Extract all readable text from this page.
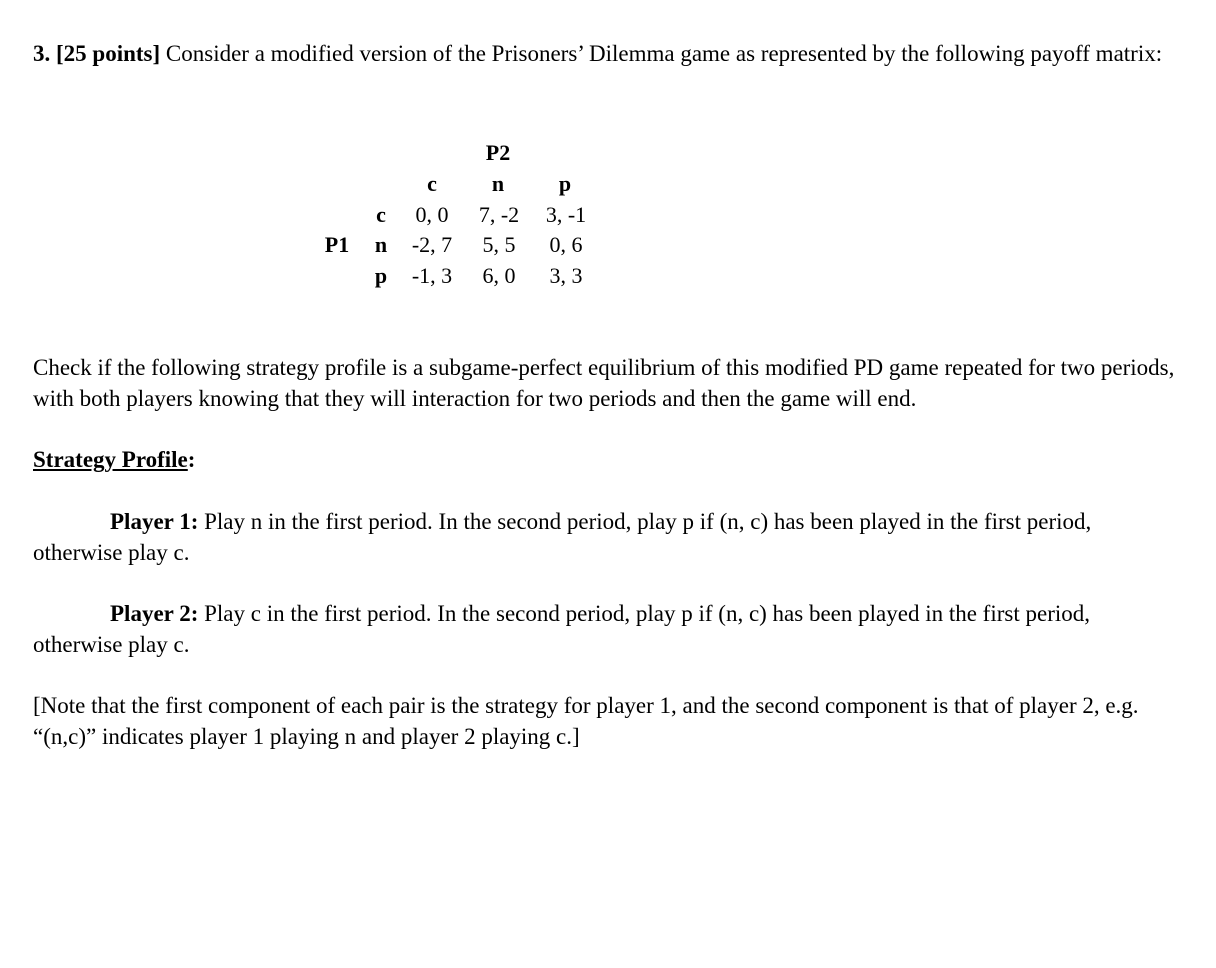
3. [25 points] Consider a modified version of the Prisoners’ Dilemma game as represented by the following payoff matrix:

P2
c n p
P1
c
n
p
0, 0 7, -2 3, -1
-2, 7 5, 5 0, 6
-1, 3 6, 0 3, 3

Check if the following strategy profile is a subgame-perfect equilibrium of this modified PD game repeated for two periods, with both players knowing that they will interaction for two periods and then the game will end.

Strategy Profile:

Player 1: Play n in the first period. In the second period, play p if (n, c) has been played in the first period, otherwise play c.

Player 2: Play c in the first period. In the second period, play p if (n, c) has been played in the first period, otherwise play c.

[Note that the first component of each pair is the strategy for player 1, and the second component is that of player 2, e.g. “(n,c)” indicates player 1 playing n and player 2 playing c.]
